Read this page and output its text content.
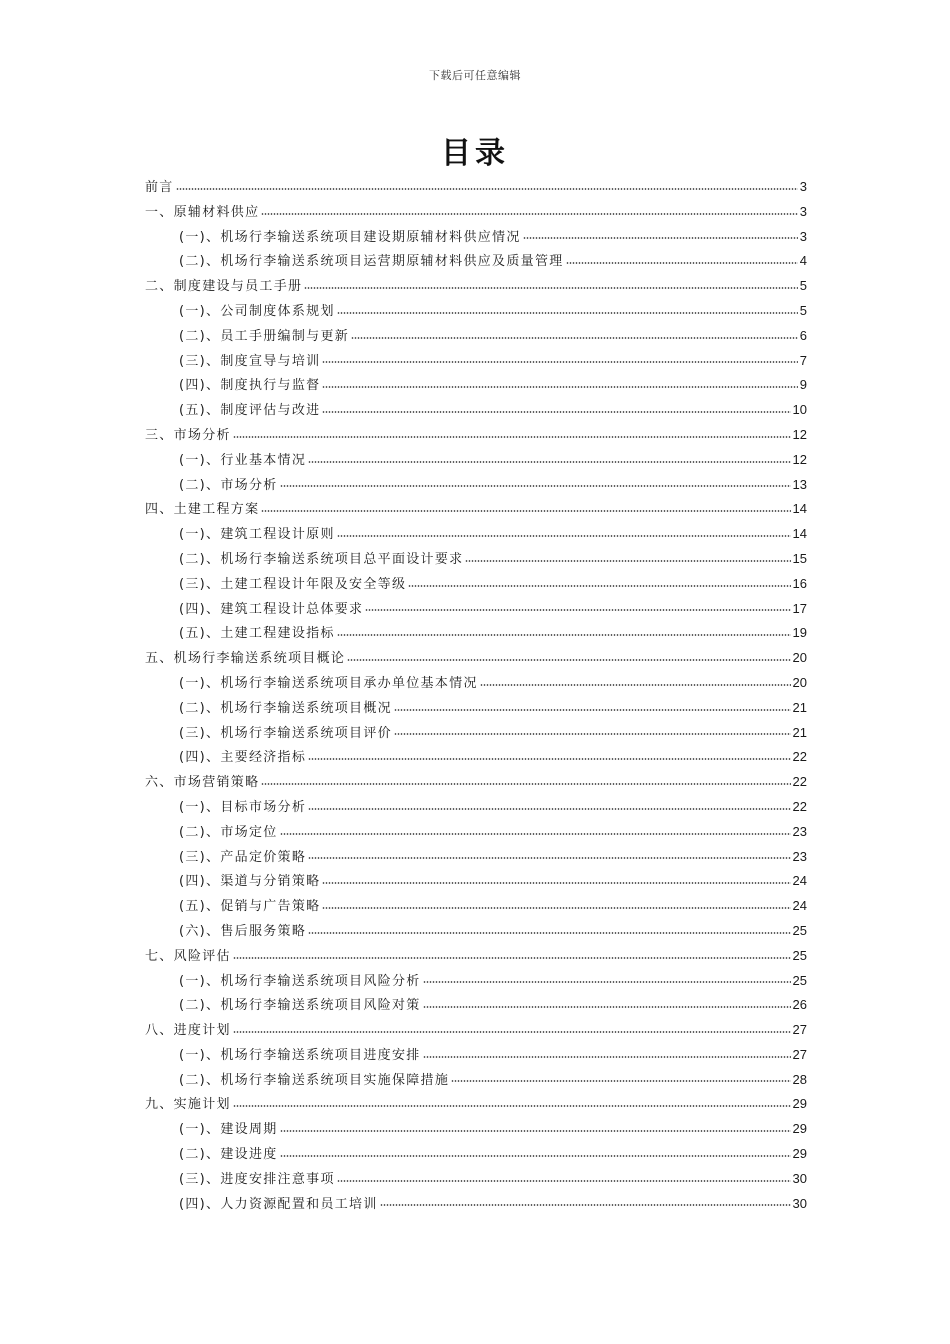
下载后可任意编辑
目录
前言	3
一、原辅材料供应	3
(一)、机场行李输送系统项目建设期原辅材料供应情况	3
(二)、机场行李输送系统项目运营期原辅材料供应及质量管理	4
二、制度建设与员工手册	5
(一)、公司制度体系规划	5
(二)、员工手册编制与更新	6
(三)、制度宣导与培训	7
(四)、制度执行与监督	9
(五)、制度评估与改进	10
三、市场分析	12
(一)、行业基本情况	12
(二)、市场分析	13
四、土建工程方案	14
(一)、建筑工程设计原则	14
(二)、机场行李输送系统项目总平面设计要求	15
(三)、土建工程设计年限及安全等级	16
(四)、建筑工程设计总体要求	17
(五)、土建工程建设指标	19
五、机场行李输送系统项目概论	20
(一)、机场行李输送系统项目承办单位基本情况	20
(二)、机场行李输送系统项目概况	21
(三)、机场行李输送系统项目评价	21
(四)、主要经济指标	22
六、市场营销策略	22
(一)、目标市场分析	22
(二)、市场定位	23
(三)、产品定价策略	23
(四)、渠道与分销策略	24
(五)、促销与广告策略	24
(六)、售后服务策略	25
七、风险评估	25
(一)、机场行李输送系统项目风险分析	25
(二)、机场行李输送系统项目风险对策	26
八、进度计划	27
(一)、机场行李输送系统项目进度安排	27
(二)、机场行李输送系统项目实施保障措施	28
九、实施计划	29
(一)、建设周期	29
(二)、建设进度	29
(三)、进度安排注意事项	30
(四)、人力资源配置和员工培训	30
